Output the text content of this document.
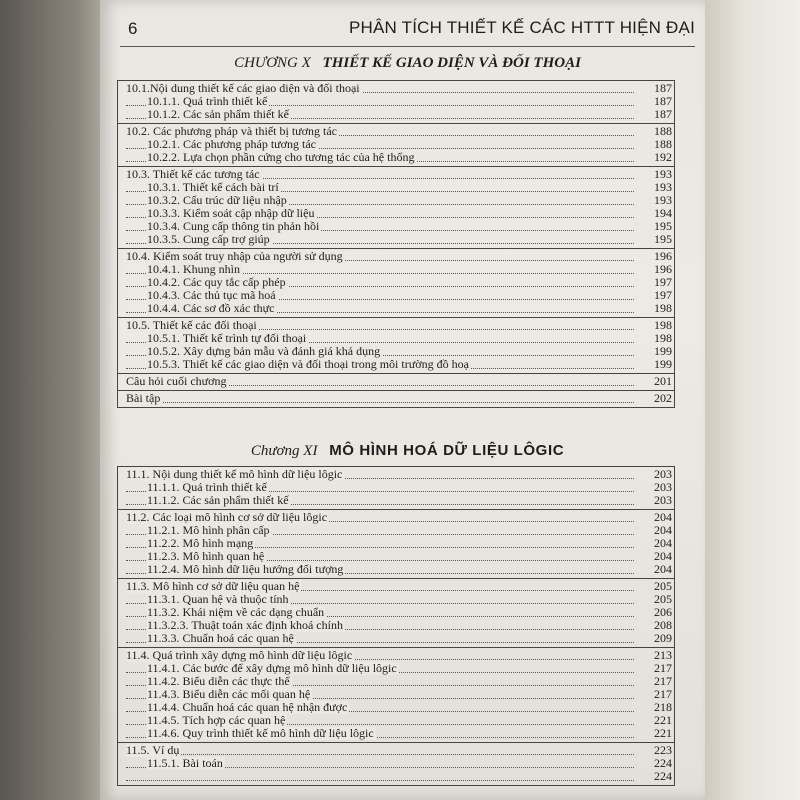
6	PHÂN TÍCH THIẾT KẾ CÁC HTTT HIỆN ĐẠI
CHƯƠNG X THIẾT KẾ GIAO DIỆN VÀ ĐỐI THOẠI
10.1.Nội dung thiết kế các giao diện và đối thoại	187
10.1.1. Quá trình thiết kế	187
10.1.2. Các sản phẩm thiết kế	187
10.2. Các phương pháp và thiết bị tương tác	188
10.2.1. Các phương pháp tương tác	188
10.2.2. Lựa chọn phần cứng cho tương tác của hệ thống	192
10.3. Thiết kế các tương tác	193
10.3.1. Thiết kế cách bài trí	193
10.3.2. Cấu trúc dữ liệu nhập	193
10.3.3. Kiểm soát cập nhập dữ liệu	194
10.3.4. Cung cấp thông tin phản hồi	195
10.3.5. Cung cấp trợ giúp	195
10.4. Kiểm soát truy nhập của người sử dụng	196
10.4.1. Khung nhìn	196
10.4.2. Các quy tắc cấp phép	197
10.4.3. Các thủ tục mã hoá	197
10.4.4. Các sơ đồ xác thực	198
10.5. Thiết kế các đối thoại	198
10.5.1. Thiết kế trình tự đối thoại	198
10.5.2. Xây dựng bản mẫu và đánh giá khả dụng	199
10.5.3. Thiết kế các giao diện và đối thoại trong môi trường đồ hoạ	199
Câu hỏi cuối chương	201
Bài tập	202
Chương XI MÔ HÌNH HOÁ DỮ LIỆU LÔGIC
11.1. Nội dung thiết kế mô hình dữ liệu lôgic	203
11.1.1. Quá trình thiết kế	203
11.1.2. Các sản phẩm thiết kế	203
11.2. Các loại mô hình cơ sở dữ liệu lôgic	204
11.2.1. Mô hình phân cấp	204
11.2.2. Mô hình mạng	204
11.2.3. Mô hình quan hệ	204
11.2.4. Mô hình dữ liệu hướng đối tượng	204
11.3. Mô hình cơ sở dữ liệu quan hệ	205
11.3.1. Quan hệ và thuộc tính	205
11.3.2. Khái niệm về các dạng chuẩn	206
11.3.2.3. Thuật toán xác định khoá chính	208
11.3.3. Chuẩn hoá các quan hệ	209
11.4. Quá trình xây dựng mô hình dữ liệu lôgic	213
11.4.1. Các bước để xây dựng mô hình dữ liệu lôgic	217
11.4.2. Biểu diễn các thực thể	217
11.4.3. Biểu diễn các mối quan hệ	217
11.4.4. Chuẩn hoá các quan hệ nhận được	218
11.4.5. Tích hợp các quan hệ	221
11.4.6. Quy trình thiết kế mô hình dữ liệu lôgic	221
11.5. Ví dụ	223
11.5.1. Bài toán	224
224
